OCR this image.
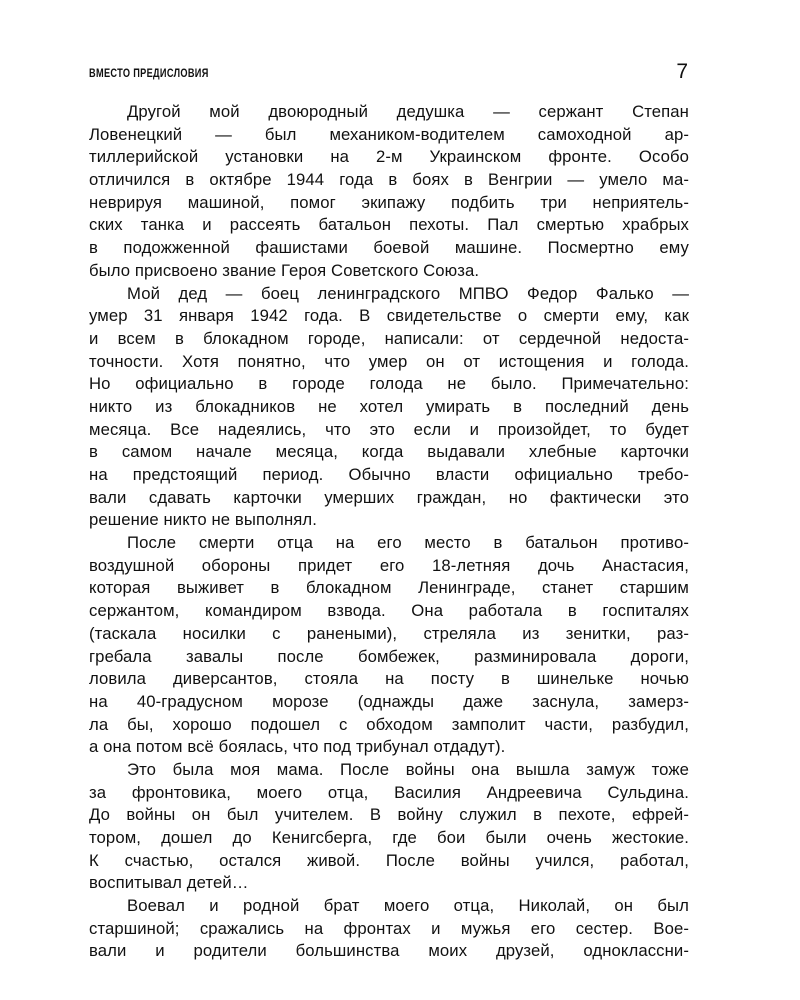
ВМЕСТО ПРЕДИСЛОВИЯ	7
Другой мой двоюродный дедушка — сержант Степан
Ловенецкий — был механиком-водителем самоходной ар-
тиллерийской установки на 2-м Украинском фронте. Особо
отличился в октябре 1944 года в боях в Венгрии — умело ма-
неврируя машиной, помог экипажу подбить три неприятель-
ских танка и рассеять батальон пехоты. Пал смертью храбрых
в подожженной фашистами боевой машине. Посмертно ему
было присвоено звание Героя Советского Союза.
Мой дед — боец ленинградского МПВО Федор Фалько —
умер 31 января 1942 года. В свидетельстве о смерти ему, как
и всем в блокадном городе, написали: от сердечной недоста-
точности. Хотя понятно, что умер он от истощения и голода.
Но официально в городе голода не было. Примечательно:
никто из блокадников не хотел умирать в последний день
месяца. Все надеялись, что это если и произойдет, то будет
в самом начале месяца, когда выдавали хлебные карточки
на предстоящий период. Обычно власти официально требо-
вали сдавать карточки умерших граждан, но фактически это
решение никто не выполнял.
После смерти отца на его место в батальон противо-
воздушной обороны придет его 18-летняя дочь Анастасия,
которая выживет в блокадном Ленинграде, станет старшим
сержантом, командиром взвода. Она работала в госпиталях
(таскала носилки с ранеными), стреляла из зенитки, раз-
гребала завалы после бомбежек, разминировала дороги,
ловила диверсантов, стояла на посту в шинельке ночью
на 40-градусном морозе (однажды даже заснула, замерз-
ла бы, хорошо подошел с обходом замполит части, разбудил,
а она потом всё боялась, что под трибунал отдадут).
Это была моя мама. После войны она вышла замуж тоже
за фронтовика, моего отца, Василия Андреевича Сульдина.
До войны он был учителем. В войну служил в пехоте, ефрей-
тором, дошел до Кенигсберга, где бои были очень жестокие.
К счастью, остался живой. После войны учился, работал,
воспитывал детей…
Воевал и родной брат моего отца, Николай, он был
старшиной; сражались на фронтах и мужья его сестер. Вое-
вали и родители большинства моих друзей, одноклассни-
